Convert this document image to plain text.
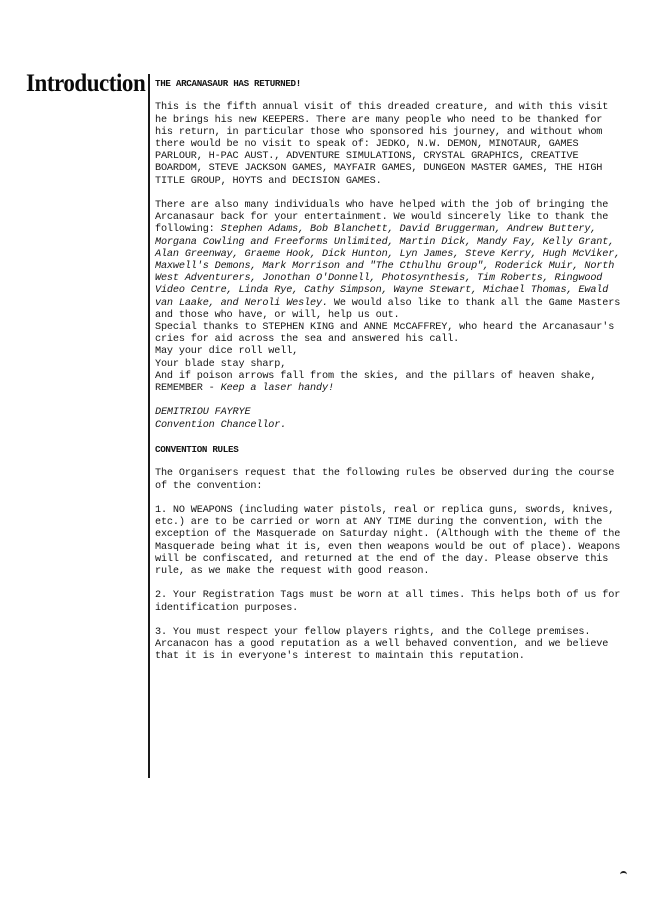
Introduction THE ARCANASAUR HAS RETURNED!

This is the fifth annual visit of this dreaded creature, and with this visit he brings his new KEEPERS. There are many people who need to be thanked for his return, in particular those who sponsored his journey, and without whom there would be no visit to speak of: JEDKO, N.W. DEMON, MINOTAUR, GAMES PARLOUR, H-PAC AUST., ADVENTURE SIMULATIONS, CRYSTAL GRAPHICS, CREATIVE BOARDOM, STEVE JACKSON GAMES, MAYFAIR GAMES, DUNGEON MASTER GAMES, THE HIGH TITLE GROUP, HOYTS and DECISION GAMES.

There are also many individuals who have helped with the job of bringing the Arcanasaur back for your entertainment. We would sincerely like to thank the following: Stephen Adams, Bob Blanchett, David Bruggerman, Andrew Buttery, Morgana Cowling and Freeforms Unlimited, Martin Dick, Mandy Fay, Kelly Grant, Alan Greenway, Graeme Hook, Dick Hunton, Lyn James, Steve Kerry, Hugh McViker, Maxwell's Demons, Mark Morrison and "The Cthulhu Group", Roderick Muir, North West Adventurers, Jonothan O'Donnell, Photosynthesis, Tim Roberts, Ringwood Video Centre, Linda Rye, Cathy Simpson, Wayne Stewart, Michael Thomas, Ewald van Laake, and Neroli Wesley. We would also like to thank all the Game Masters and those who have, or will, help us out.

Special thanks to STEPHEN KING and ANNE McCAFFREY, who heard the Arcanasaur's cries for aid across the sea and answered his call.

May your dice roll well,

Your blade stay sharp,

And if poison arrows fall from the skies, and the pillars of heaven shake,

REMEMBER - Keep a laser handy!

DEMITRIOU FAYRYE

Convention Chancellor.

CONVENTION RULES

The Organisers request that the following rules be observed during the course of the convention:

1. NO WEAPONS (including water pistols, real or replica guns, swords, knives, etc.) are to be carried or worn at ANY TIME during the convention, with the exception of the Masquerade on Saturday night. (Although with the theme of the Masquerade being what it is, even then weapons would be out of place). Weapons will be confiscated, and returned at the end of the day. Please observe this rule, as we make the request with good reason.

2. Your Registration Tags must be worn at all times. This helps both of us for identification purposes.

3. You must respect your fellow players rights, and the College premises. Arcanacon has a good reputation as a well behaved convention, and we believe that it is in everyone's interest to maintain this reputation.
